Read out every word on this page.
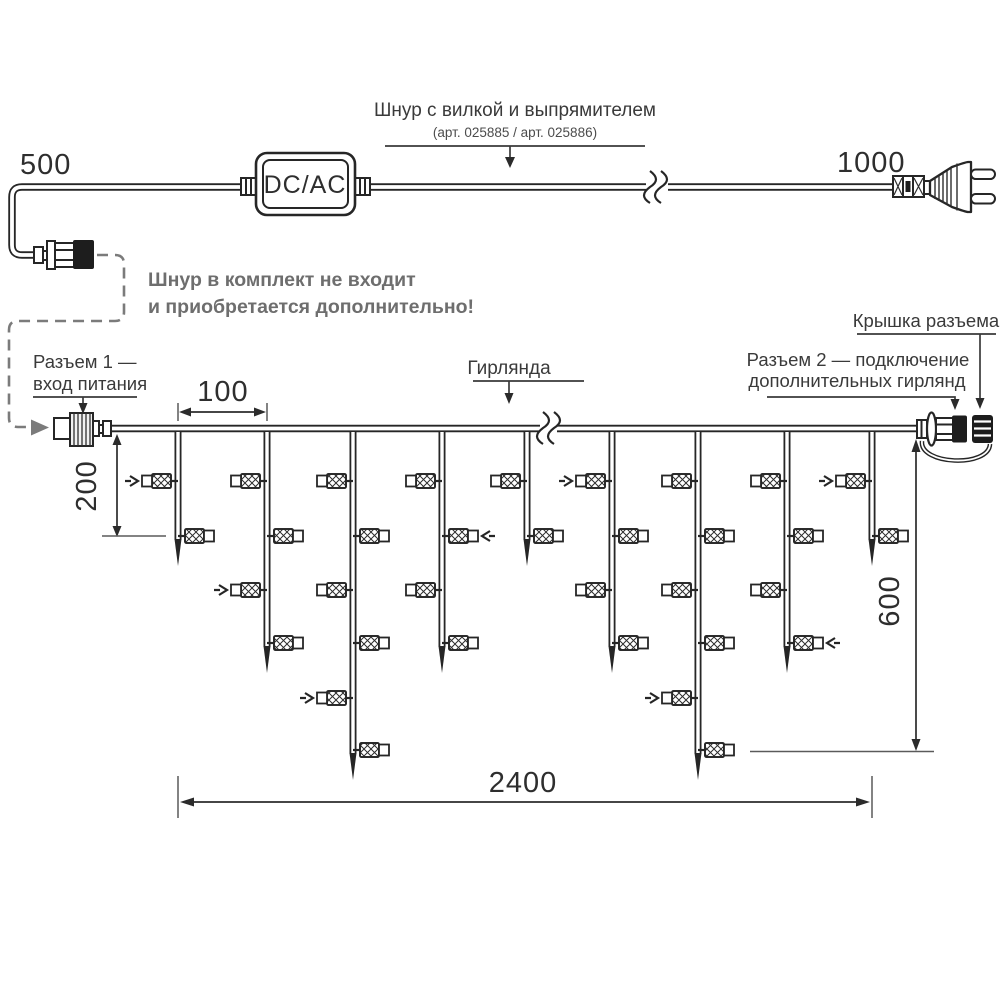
DC/AC
500	1000
Шнур с вилкой и выпрямителем
(арт. 025885 / арт. 025886)
Шнур в комплект не входит
и приобретается дополнительно!
100
200
600
2400
Разъем 1 —
вход питания
Гирлянда	Разъем 2 — подключение
дополнительных гирлянд
Крышка разъема
